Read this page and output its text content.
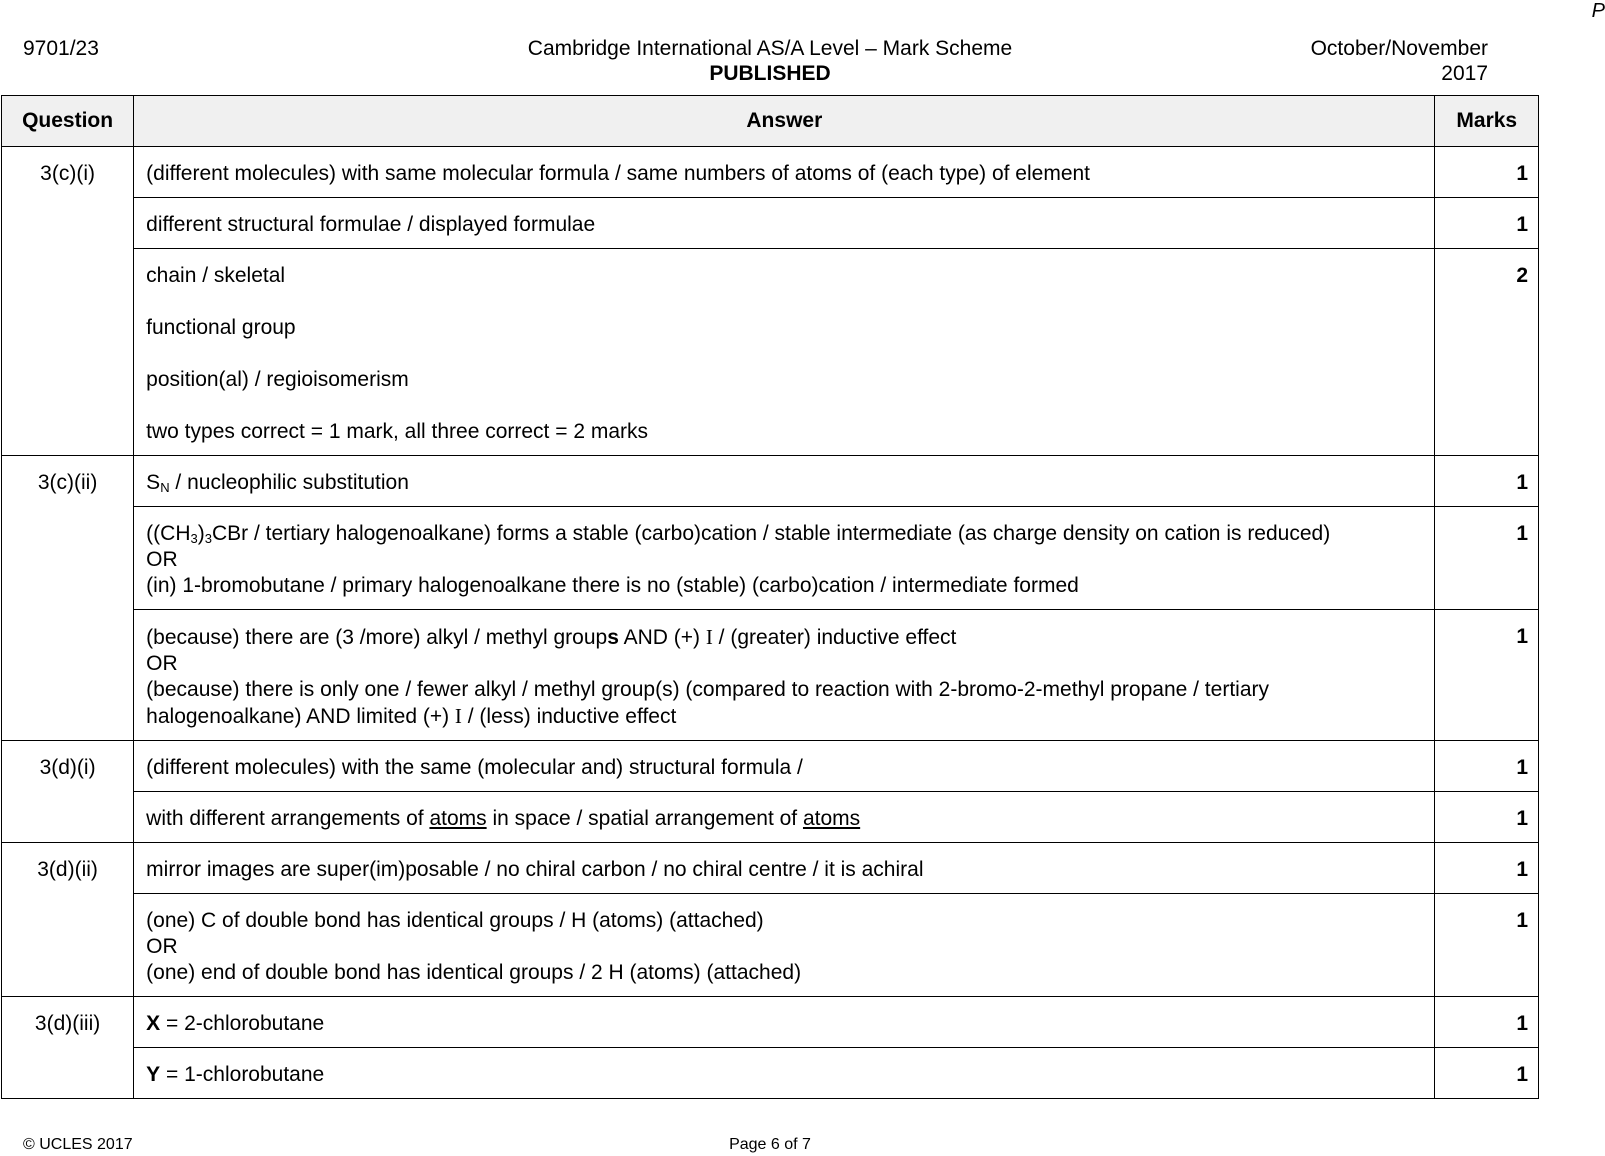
9701/23	Cambridge International AS/A Level – Mark Scheme
PUBLISHED
October/November
2017
P
Question	Answer	Marks
3(c)(i)	(different molecules) with same molecular formula / same numbers of atoms of (each type) of element	1

	different structural formulae / displayed formulae	1

	chain / skeletal
functional group
position(al) / regioisomerism
two types correct = 1 mark, all three correct = 2 marks	2
3(c)(ii)	$S_N$ / nucleophilic substitution	1

	($(CH_3)_3CBr$ / tertiary halogenoalkane) forms a stable (carbo)cation / stable intermediate (as charge density on cation is reduced)
OR
(in) 1-bromobutane / primary halogenoalkane there is no (stable) (carbo)cation / intermediate formed	1

	(because) there are (3 /more) alkyl / methyl groups AND (+) I / (greater) inductive effect
OR
(because) there is only one / fewer alkyl / methyl group(s) (compared to reaction with 2-bromo-2-methyl propane / tertiary halogenoalkane) AND limited (+) I / (less) inductive effect	1
3(d)(i)	(different molecules) with the same (molecular and) structural formula /	1

	with different arrangements of atoms in space / spatial arrangement of atoms	1
3(d)(ii)	mirror images are super(im)posable / no chiral carbon / no chiral centre / it is achiral	1

	(one) C of double bond has identical groups / H (atoms) (attached)
OR
(one) end of double bond has identical groups / 2 H (atoms) (attached)	1
3(d)(iii)	X = 2-chlorobutane	1

	Y = 1-chlorobutane	1
© UCLES 2017	Page 6 of 7
